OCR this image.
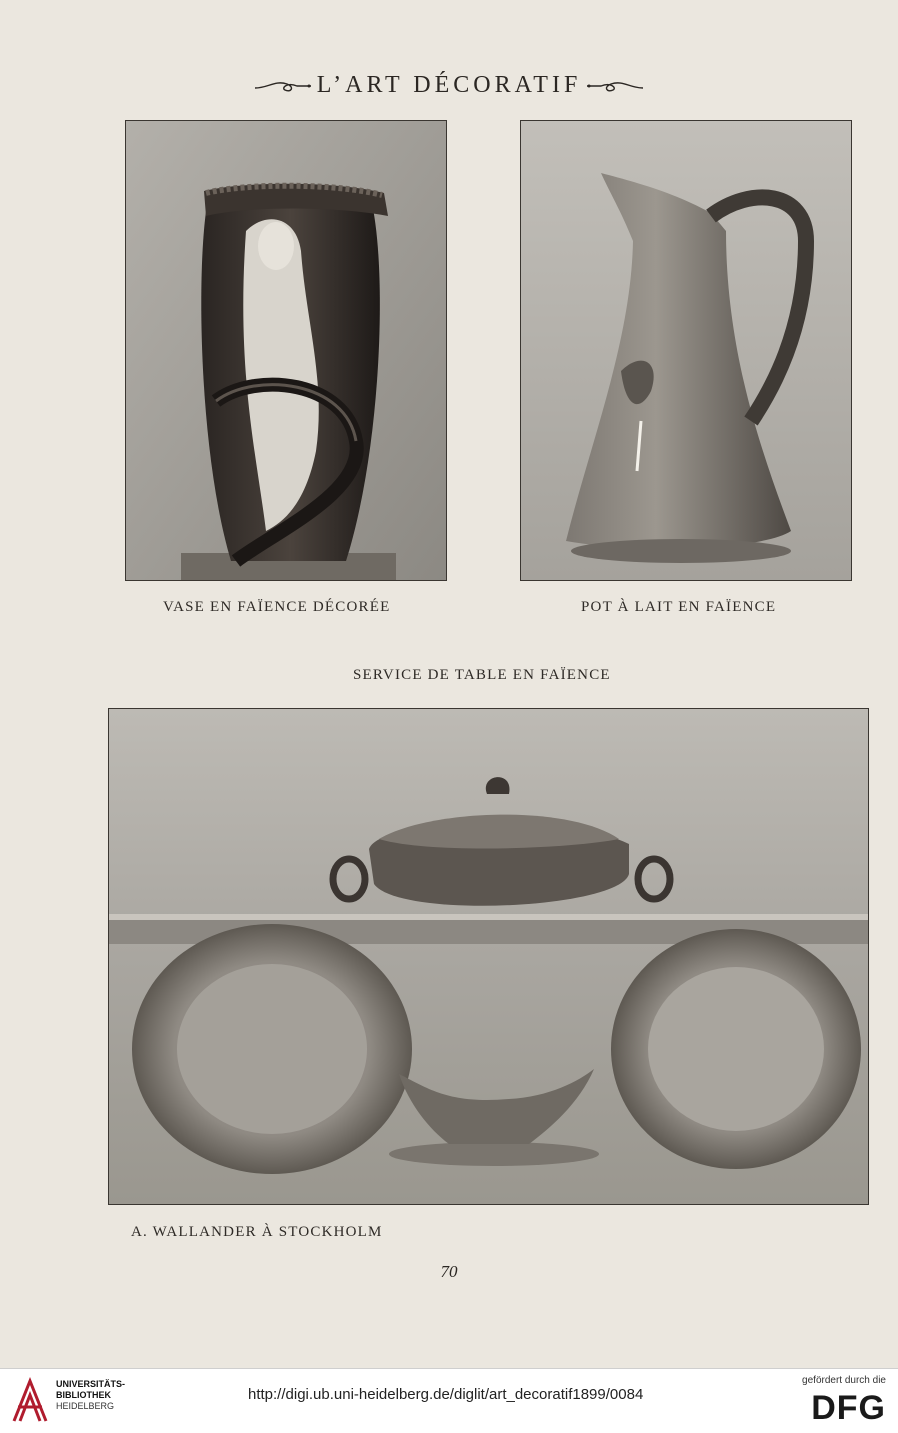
L’ART DÉCORATIF
VASE EN FAÏENCE DÉCORÉE	POT À LAIT EN FAÏENCE
SERVICE DE TABLE EN FAÏENCE
A. WALLANDER À STOCKHOLM
70
UNIVERSITÄTS-
BIBLIOTHEK
HEIDELBERG
http://digi.ub.uni-heidelberg.de/diglit/art_decoratif1899/0084
gefördert durch die
DFG
